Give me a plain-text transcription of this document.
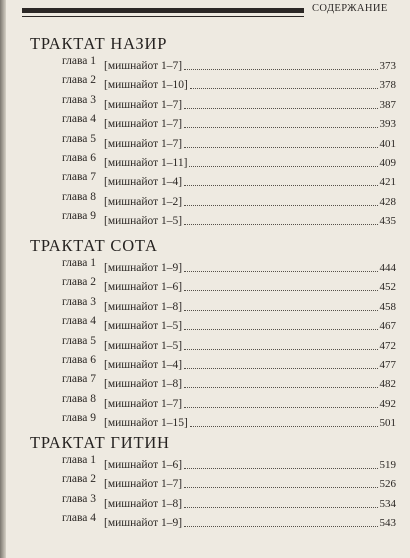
СОДЕРЖАНИЕ
ТРАКТАТ НАЗИР
глава 1 [мишнайот 1–7]	373
глава 2 [мишнайот 1–10]	378
глава 3 [мишнайот 1–7]	387
глава 4 [мишнайот 1–7]	393
глава 5 [мишнайот 1–7]	401
глава 6 [мишнайот 1–11]	409
глава 7 [мишнайот 1–4]	421
глава 8 [мишнайот 1–2]	428
глава 9 [мишнайот 1–5]	435
ТРАКТАТ СОТА
глава 1 [мишнайот 1–9]	444
глава 2 [мишнайот 1–6]	452
глава 3 [мишнайот 1–8]	458
глава 4 [мишнайот 1–5]	467
глава 5 [мишнайот 1–5]	472
глава 6 [мишнайот 1–4]	477
глава 7 [мишнайот 1–8]	482
глава 8 [мишнайот 1–7]	492
глава 9 [мишнайот 1–15]	501
ТРАКТАТ ГИТИН
глава 1 [мишнайот 1–6]	519
глава 2 [мишнайот 1–7]	526
глава 3 [мишнайот 1–8]	534
глава 4 [мишнайот 1–9]	543
